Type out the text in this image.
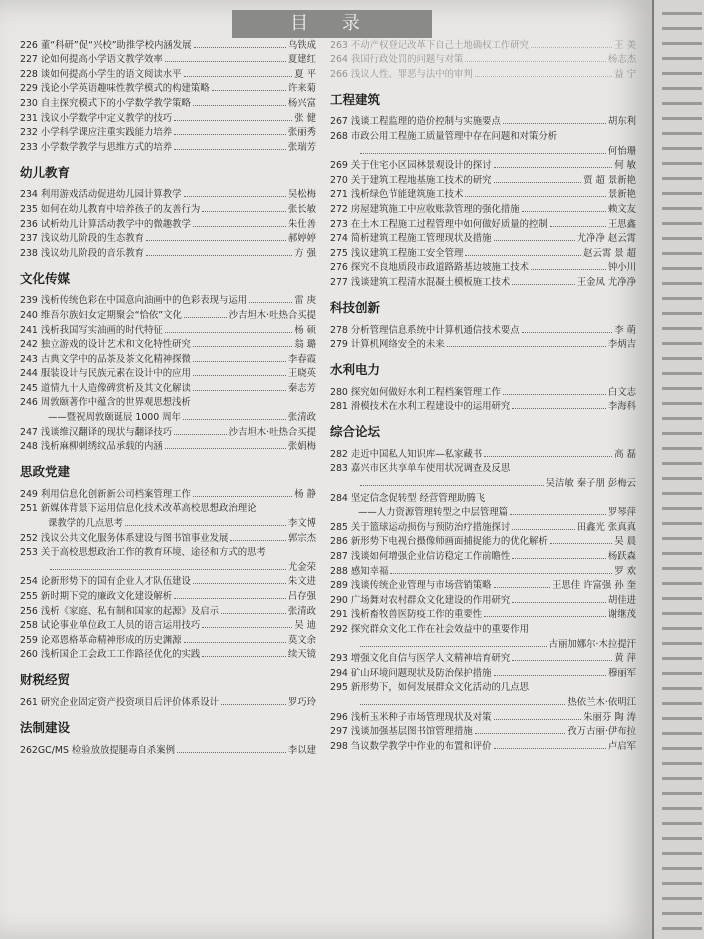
目 录
226 董“科研”促“兴校”助推学校内涵发展	乌铁成
227 论如何提高小学语文教学效率	夏建红
228 谈如何提高小学生的语文阅读水平	夏 平
229 浅论小学英语趣味性教学模式的构建策略	许来菊
230 自主探究模式下的小学数学教学策略	杨兴富
231 浅议小学数学中定义教学的技巧	张 健
232 小学科学课应注重实践能力培养	张丽秀
233 小学数学教学与思维方式的培养	张瑞芳
幼儿教育
234 利用游戏活动促进幼儿园计算教学	吴松梅
235 如何在幼儿教育中培养孩子的友善行为	张长敏
236 试析幼儿计算活动教学中的微趣教学	朱仕善
237 浅议幼儿阶段的生态教育	郝婷婷
238 浅议幼儿阶段的音乐教育	方 强
文化传媒
239 浅析传统色彩在中国意向油画中的色彩表现与运用	雷 庚
240 维吾尔族妇女定期聚会“恰依”文化	沙吉坦木·吐热合买提
241 浅析我国写实油画的时代特征	杨 硕
242 独立游戏的设计艺术和文化特性研究	翁 璐
243 古典文学中的品茶及茶文化精神探微	李春霞
244 服装设计与民族元素在设计中的应用	王晓英
245 道情九十人造像碑赏析及其文化解读	秦志芳
246 周敦颐著作中蕴含的世界观思想浅析
——暨祝周敦颐诞辰 1000 周年	张清政
247 浅谈维汉翻译的现状与翻译技巧	沙吉坦木·吐热合买提
248 浅析麻柳刺绣纹品承载的内涵	张娟梅
思政党建
249 利用信息化创新新公司档案管理工作	杨 静
251 新媒体背景下运用信息化技术改革高校思想政治理论
课教学的几点思考	李文博
252 浅议公共文化服务体系建设与图书馆事业发展	郭宗杰
253 关于高校思想政治工作的教育环境、途径和方式的思考
尤金荣
254 论新形势下的国有企业人才队伍建设	朱文进
255 新时期下党的廉政文化建设解析	吕存强
256 浅析《家庭、私有制和国家的起源》及启示	张清政
258 试论事业单位政工人员的语言运用技巧	吴 迪
259 论邓恩格革命精神形成的历史渊源	莫文余
260 浅析国企工会政工工作路径优化的实践	续天镜
财税经贸
261 研究企业固定资产投资项目后评价体系设计	罗巧玲
法制建设
262GC/MS 检验放放提腿毒自杀案例	李以建
263 不动产权登记改革下自己土地确权工作研究	王 美
264 我国行政处罚的问题与对策	杨志杰
266 浅议人性、罪恶与法中的审判	益 宁
工程建筑
267 浅谈工程监理的造价控制与实施要点	胡东利
268 市政公用工程施工质量管理中存在问题和对策分析
何怡珊
269 关于住宅小区园林景观设计的探讨	何 敏
270 关于建筑工程地基施工技术的研究	贾 超 景新艳
271 浅析绿色节能建筑施工技术	景新艳
272 房屋建筑施工中应收账款管理的强化措施	赖文友
273 在土木工程施工过程管理中如何做好质量的控制	王思鑫
274 简析建筑工程施工管理现状及措施	尤净净 赵云霄
275 浅议建筑工程施工安全管理	赵云霄 景 超
276 探究不良地质段市政道路路基边坡施工技术	钟小川
277 浅谈建筑工程清水混凝土模板施工技术	王金凤 尤净净
科技创新
278 分析管理信息系统中计算机通信技术要点	李 萌
279 计算机网络安全的未来	李炳吉
水利电力
280 探究如何做好水利工程档案管理工作	白文志
281 滑模技术在水利工程建设中的运用研究	李海科
综合论坛
282 走近中国私人知识库—私家藏书	高 磊
283 嘉兴市区共享单车使用状况调查及反思
吴洁敏 秦子朋 彭梅云
284 坚定信念促转型 经营管理助腾飞
——人力资源管理转型之中层管理篇	罗琴萍
285 关于篮球运动损伤与预防治疗措施探讨	田鑫光 张真真
286 新形势下电视台摄像师画面捕捉能力的优化解析	吴 晨
287 浅谈如何增强企业信访稳定工作前瞻性	杨跃森
288 感知幸福	罗 欢
289 浅谈传统企业管理与市场营销策略	王思佳 许富强 孙 奎
290 广场舞对农村群众文化建设的作用研究	胡佳进
291 浅析畜牧兽医防疫工作的重要性	谢继茂
292 探究群众文化工作在社会效益中的重要作用
古丽加娜尔·木拉提汗
293 增强文化自信与医学人文精神培育研究	黄 萍
294 矿山环境问题现状及防治保护措施	穆丽军
295 新形势下，如何发展群众文化活动的几点思
热依兰木·依明江
296 浅析玉米种子市场管理现状及对策	朱丽芬 陶 涛
297 浅谈加强基层图书馆管理措施	孜万古丽·伊布拉
298 刍议数学教学中作业的布置和评价	卢启军
